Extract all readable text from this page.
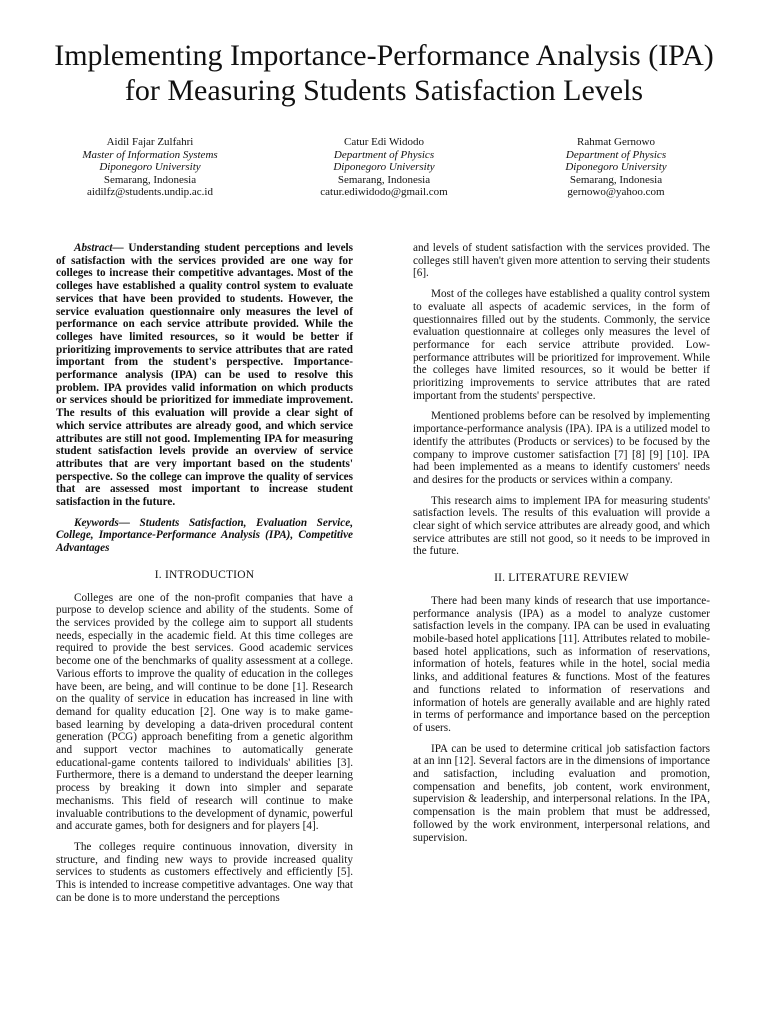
Implementing Importance-Performance Analysis (IPA) for Measuring Students Satisfaction Levels
Aidil Fajar Zulfahri
Master of Information Systems
Diponegoro University
Semarang, Indonesia
aidilfz@students.undip.ac.id
Catur Edi Widodo
Department of Physics
Diponegoro University
Semarang, Indonesia
catur.ediwidodo@gmail.com
Rahmat Gernowo
Department of Physics
Diponegoro University
Semarang, Indonesia
gernowo@yahoo.com

Abstract— Understanding student perceptions and levels of satisfaction with the services provided are one way for colleges to increase their competitive advantages. Most of the colleges have established a quality control system to evaluate services that have been provided to students. However, the service evaluation questionnaire only measures the level of performance on each service attribute provided. While the colleges have limited resources, so it would be better if prioritizing improvements to service attributes that are rated important from the student's perspective. Importance-performance analysis (IPA) can be used to resolve this problem. IPA provides valid information on which products or services should be prioritized for immediate improvement. The results of this evaluation will provide a clear sight of which service attributes are already good, and which service attributes are still not good. Implementing IPA for measuring student satisfaction levels provide an overview of service attributes that are very important based on the students' perspective. So the college can improve the quality of services that are assessed most important to increase student satisfaction in the future.

Keywords— Students Satisfaction, Evaluation Service, College, Importance-Performance Analysis (IPA), Competitive Advantages

I. INTRODUCTION

Colleges are one of the non-profit companies that have a purpose to develop science and ability of the students. Some of the services provided by the college aim to support all students needs, especially in the academic field. At this time colleges are required to provide the best services. Good academic services become one of the benchmarks of quality assessment at a college. Various efforts to improve the quality of education in the colleges have been, are being, and will continue to be done [1]. Research on the quality of service in education has increased in line with demand for quality education [2]. One way is to make game-based learning by developing a data-driven procedural content generation (PCG) approach benefiting from a genetic algorithm and support vector machines to automatically generate educational-game contents tailored to individuals' abilities [3]. Furthermore, there is a demand to understand the deeper learning process by breaking it down into simpler and separate mechanisms. This field of research will continue to make invaluable contributions to the development of dynamic, powerful and accurate games, both for designers and for players [4].

The colleges require continuous innovation, diversity in structure, and finding new ways to provide increased quality services to students as customers effectively and efficiently [5]. This is intended to increase competitive advantages. One way that can be done is to more understand the perceptions

and levels of student satisfaction with the services provided. The colleges still haven't given more attention to serving their students [6].

Most of the colleges have established a quality control system to evaluate all aspects of academic services, in the form of questionnaires filled out by the students. Commonly, the service evaluation questionnaire at colleges only measures the level of performance for each service attribute provided. Low-performance attributes will be prioritized for improvement. While the colleges have limited resources, so it would be better if prioritizing improvements to service attributes that are rated important from the students' perspective.

Mentioned problems before can be resolved by implementing importance-performance analysis (IPA). IPA is a utilized model to identify the attributes (Products or services) to be focused by the company to improve customer satisfaction [7] [8] [9] [10]. IPA had been implemented as a means to identify customers' needs and desires for the products or services within a company.

This research aims to implement IPA for measuring students' satisfaction levels. The results of this evaluation will provide a clear sight of which service attributes are already good, and which service attributes are still not good, so it needs to be improved in the future.

II. LITERATURE REVIEW

There had been many kinds of research that use importance-performance analysis (IPA) as a model to analyze customer satisfaction levels in the company. IPA can be used in evaluating mobile-based hotel applications [11]. Attributes related to mobile-based hotel applications, such as information of reservations, information of hotels, features while in the hotel, social media links, and additional features & functions. Most of the features and functions related to information of reservations and information of hotels are generally available and are highly rated in terms of performance and importance based on the perception of users.

IPA can be used to determine critical job satisfaction factors at an inn [12]. Several factors are in the dimensions of importance and satisfaction, including evaluation and promotion, compensation and benefits, job content, work environment, supervision & leadership, and interpersonal relations. In the IPA, compensation is the main problem that must be addressed, followed by the work environment, interpersonal relations, and supervision.
